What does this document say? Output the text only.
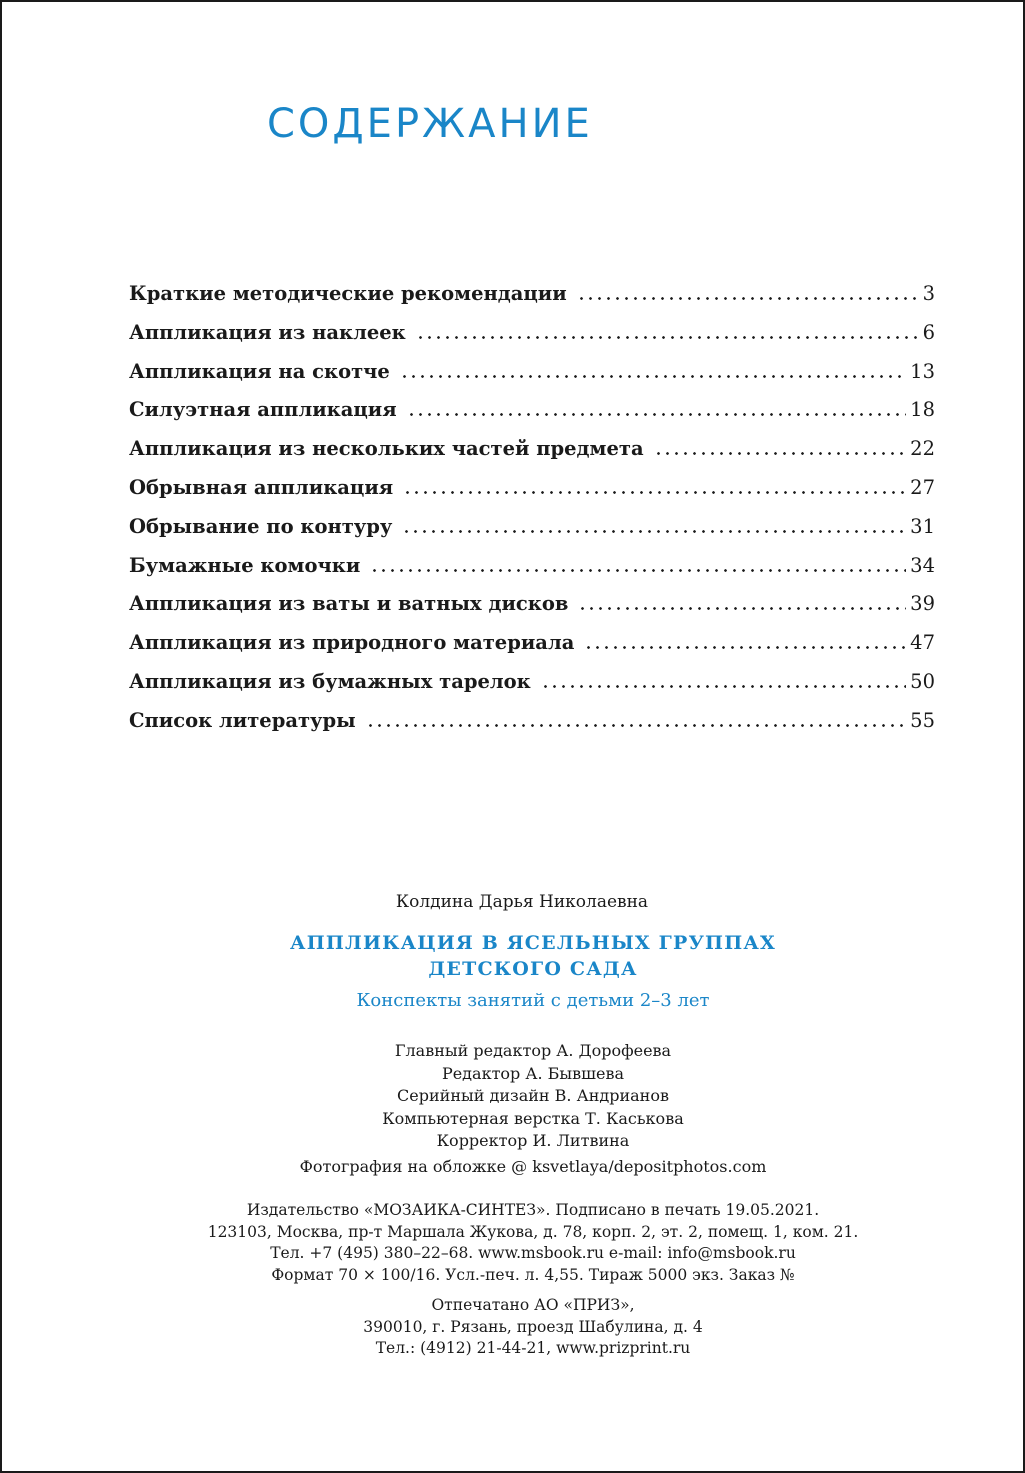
СОДЕРЖАНИЕ
Краткие методические рекомендации	3
Аппликация из наклеек	6
Аппликация на скотче	13
Силуэтная аппликация	18
Аппликация из нескольких частей предмета	22
Обрывная аппликация	27
Обрывание по контуру	31
Бумажные комочки	34
Аппликация из ваты и ватных дисков	39
Аппликация из природного материала	47
Аппликация из бумажных тарелок	50
Список литературы	55
Колдина Дарья Николаевна
АППЛИКАЦИЯ В ЯСЕЛЬНЫХ ГРУППАХ
ДЕТСКОГО САДА
Конспекты занятий с детьми 2–3 лет
Главный редактор А. Дорофеева
Редактор А. Бывшева
Серийный дизайн В. Андрианов
Компьютерная верстка Т. Каськова
Корректор И. Литвина
Фотография на обложке @ ksvetlaya/depositphotos.com
Издательство «МОЗАИКА-СИНТЕЗ». Подписано в печать 19.05.2021.
123103, Москва, пр-т Маршала Жукова, д. 78, корп. 2, эт. 2, помещ. 1, ком. 21.
Тел. +7 (495) 380–22–68. www.msbook.ru e-mail: info@msbook.ru
Формат 70 × 100/16. Усл.-печ. л. 4,55. Тираж 5000 экз. Заказ №
Отпечатано АО «ПРИЗ»,
390010, г. Рязань, проезд Шабулина, д. 4
Тел.: (4912) 21-44-21, www.prizprint.ru
